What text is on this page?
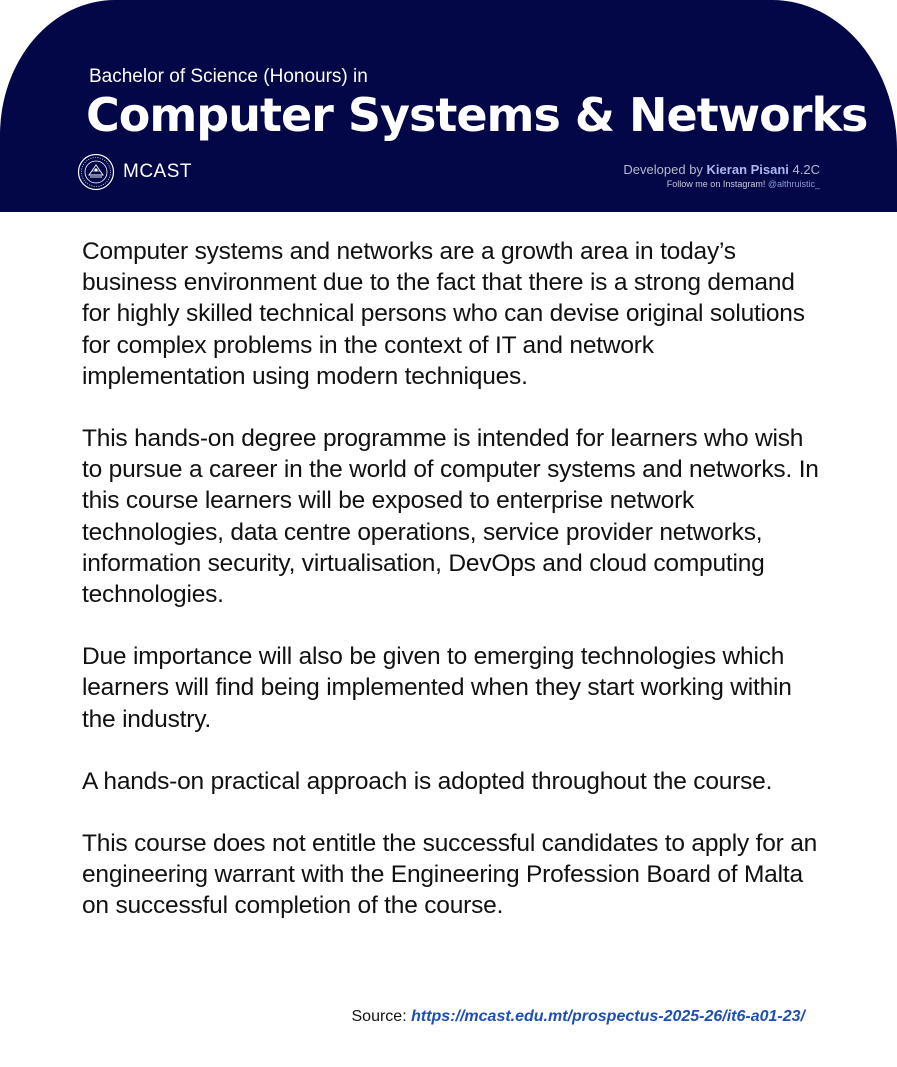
Bachelor of Science (Honours) in
Computer Systems & Networks
MCAST	Developed by Kieran Pisani 4.2C
Follow me on Instagram! @althruistic_

Computer systems and networks are a growth area in today’s business environment due to the fact that there is a strong demand for highly skilled technical persons who can devise original solutions for complex problems in the context of IT and network implementation using modern techniques.

This hands-on degree programme is intended for learners who wish to pursue a career in the world of computer systems and networks. In this course learners will be exposed to enterprise network technologies, data centre operations, service provider networks, information security, virtualisation, DevOps and cloud computing technologies.

Due importance will also be given to emerging technologies which learners will find being implemented when they start working within the industry.

A hands-on practical approach is adopted throughout the course.

This course does not entitle the successful candidates to apply for an engineering warrant with the Engineering Profession Board of Malta on successful completion of the course.

Source: https://mcast.edu.mt/prospectus-2025-26/it6-a01-23/
